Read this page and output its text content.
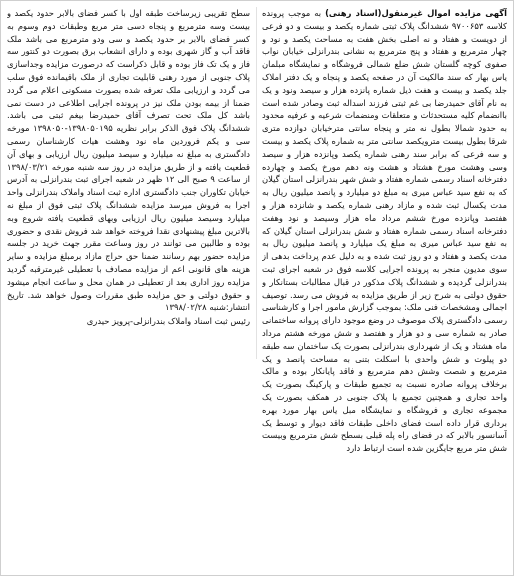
آگهی مزایده اموال غیرمنقول(اسناد رهنی) به موجب پرونده کلاسه ۹۷۰۰۶۵۳ ششدانگ پلاک ثبتی شماره یکصد و بیست و دو فرعی از دویست و هفتاد و نه اصلی بخش هفت به مساحت یکصد و نود و چهار مترمربع و هفتاد و پنج مترمربع به نشانی بندرانزلی خیابان نواب صفوی کوچه گلستان شش ضلع شمالی فروشگاه و نمایشگاه مبلمان یاس بهار که سند مالکیت آن در صفحه یکصد و پنجاه و یک دفتر املاک جلد یکصد و بیست و هفت ذیل شماره پانزده هزار و سیصد ونود و یک به نام آقای حمیدرضا بی غم ثبتی فرزند اسداله ثبت وصادر شده است باانضمام کلیه مستحدثات و متعلقات ومنضمات شرعیه و عرفیه محدود به حدود شمالا بطول نه متر و پنجاه سانتی مترخیابان دوازده متری شرقا بطول بیست مترویکصد سانتی متر به شماره پلاک یکصد و بیست و سه فرعی که برابر سند رهنی شماره یکصد وپانزده هزار و سیصد وسی وهشت مورخ هشتاد و هشت ونه دهم مورخ یکصد و چهارده دفترخانه اسناد رسمی شماره هفتاد و شش شهر بندرانزلی استان گیلان که به نفع سید عباس میری به مبلغ دو میلیارد و پانصد میلیون ریال به مدت یکسال ثبت شده و مازاد رهنی شماره یکصد و شانزده هزار و هفتصد وپانزده مورخ ششم مرداد ماه هزار وسیصد و نود وهفت دفترخانه اسناد رسمی شماره هفتاد و شش بندرانزلی استان گیلان که به نفع سید عباس میری به مبلغ یک میلیارد و پانصد میلیون ریال به مدت یکصد و هفتاد و دو روز ثبت شده و به دلیل عدم پرداخت بدهی از سوی مدیون منجر به پرونده اجرایی کلاسه فوق در شعبه اجرای ثبت بندرانزلی گردیده و ششدانگ پلاک مذکور در قبال مطالبات بستانکار و حقوق دولتی به شرح زیر از طریق مزایده به فروش می رسد. توصیف اجمالی ومشخصات فنی ملک: بموجب گزارش مامور اجرا و کارشناسی رسمی دادگستری پلاک موصوف در وضع موجود دارای پروانه ساختمانی صادر به شماره سی و دو هزار و هفتصد و شش مورخه هشتم مرداد ماه هشتاد و یک از شهرداری بندرانزلی بصورت یک ساختمان سه طبقه دو پیلوت و شش واحدی با اسکلت بتنی به مساحت پانصد و یک مترمربع و شصت وشش دهم مترمربع و فاقد پایانکار بوده و مالک برخلاف پروانه صادره نسبت به تجمیع طبقات و پارکینگ بصورت یک واحد تجاری و همچنین تجمیع با پلاک جنوبی در همکف بصورت یک مجموعه تجاری و فروشگاه و نمایشگاه مبل یاس بهار مورد بهره برداری قرار داده است فضای داخلی طبقات فاقد دیوار و توسط یک آسانسور بالابر که در فضای راه پله قبلی بسطح شش مترمربع وبیست شش متر مربع جایگزین شده است ارتباط دارد
سطح تقریبی زیرساخت طبقه اول با کسر فضای بالابر حدود یکصد و بیست وسه مترمربع و پنجاه دسی متر مربع وطبقات دوم وسوم به کسر فضای بالابر بر حدود یکصد و سی ودو مترمربع می باشد ملک فاقد آب و گاز شهری بوده و دارای انشعاب برق بصورت دو کنتور سه فاز و یک تک فاز بوده و قابل ذکراست که درصورت مزایده وجداسازی پلاک جنوبی از مورد رهنی قابلیت تجاری از ملک باقیمانده فوق سلب می گردد و ارزیابی ملک تعرفه شده بصورت مسکونی اعلام می گردد ضمنا از بیمه بودن ملک نیز در پرونده اجرایی اطلاعی در دست نمی باشد کل ملک تحت تصرف آقای حمیدرضا بیغم ثبتی می باشد. ششدانگ پلاک فوق الذکر برابر نظریه ۱۳۹۸۰۵۰۱۹۵-۱۳۹۸۰۵۰ مورخه سی و یکم فروردین ماه نود وهشت هیات کارشناسان رسمی دادگستری به مبلغ نه میلیارد و سیصد میلیون ریال ارزیابی و بهای آن قطعیت یافته و از طریق مزایده در روز سه شنبه مورخه ۱۳۹۸/۰۳/۲۱ از ساعت ۹ صبح الی ۱۲ ظهر در شعبه اجرای ثبت بندرانزلی به آدرس خیابان تکاوران جنب دادگستری اداره ثبت اسناد واملاک بندرانزلی واحد اجرا به فروش میرسد مزایده ششدانگ پلاک ثبتی فوق از مبلغ نه میلیارد وسیصد میلیون ریال ارزیابی وبهای قطعیت یافته شروع وبه بالاترین مبلغ پیشنهادی نقدا فروخته خواهد شد فروش نقدی و حضوری بوده و طالبین می توانند در روز وساعت مقرر جهت خرید در جلسه مزایده حضور بهم رسانند ضمنا حق حراج مازاد برمبلغ مزایده و سایر هزینه های قانونی اعم از مزایده مصادف با تعطیلی غیرمترقبه گردید مزایده روز اداری بعد از تعطیلی در همان محل و ساعت انجام میشود و حقوق دولتی و حق مزایده طبق مقررات وصول خواهد شد. تاریخ انتشار:شنبه ۱۳۹۸/۰۲/۲۸
رئیس ثبت اسناد واملاک بندرانزلی-پرویز حیدری
